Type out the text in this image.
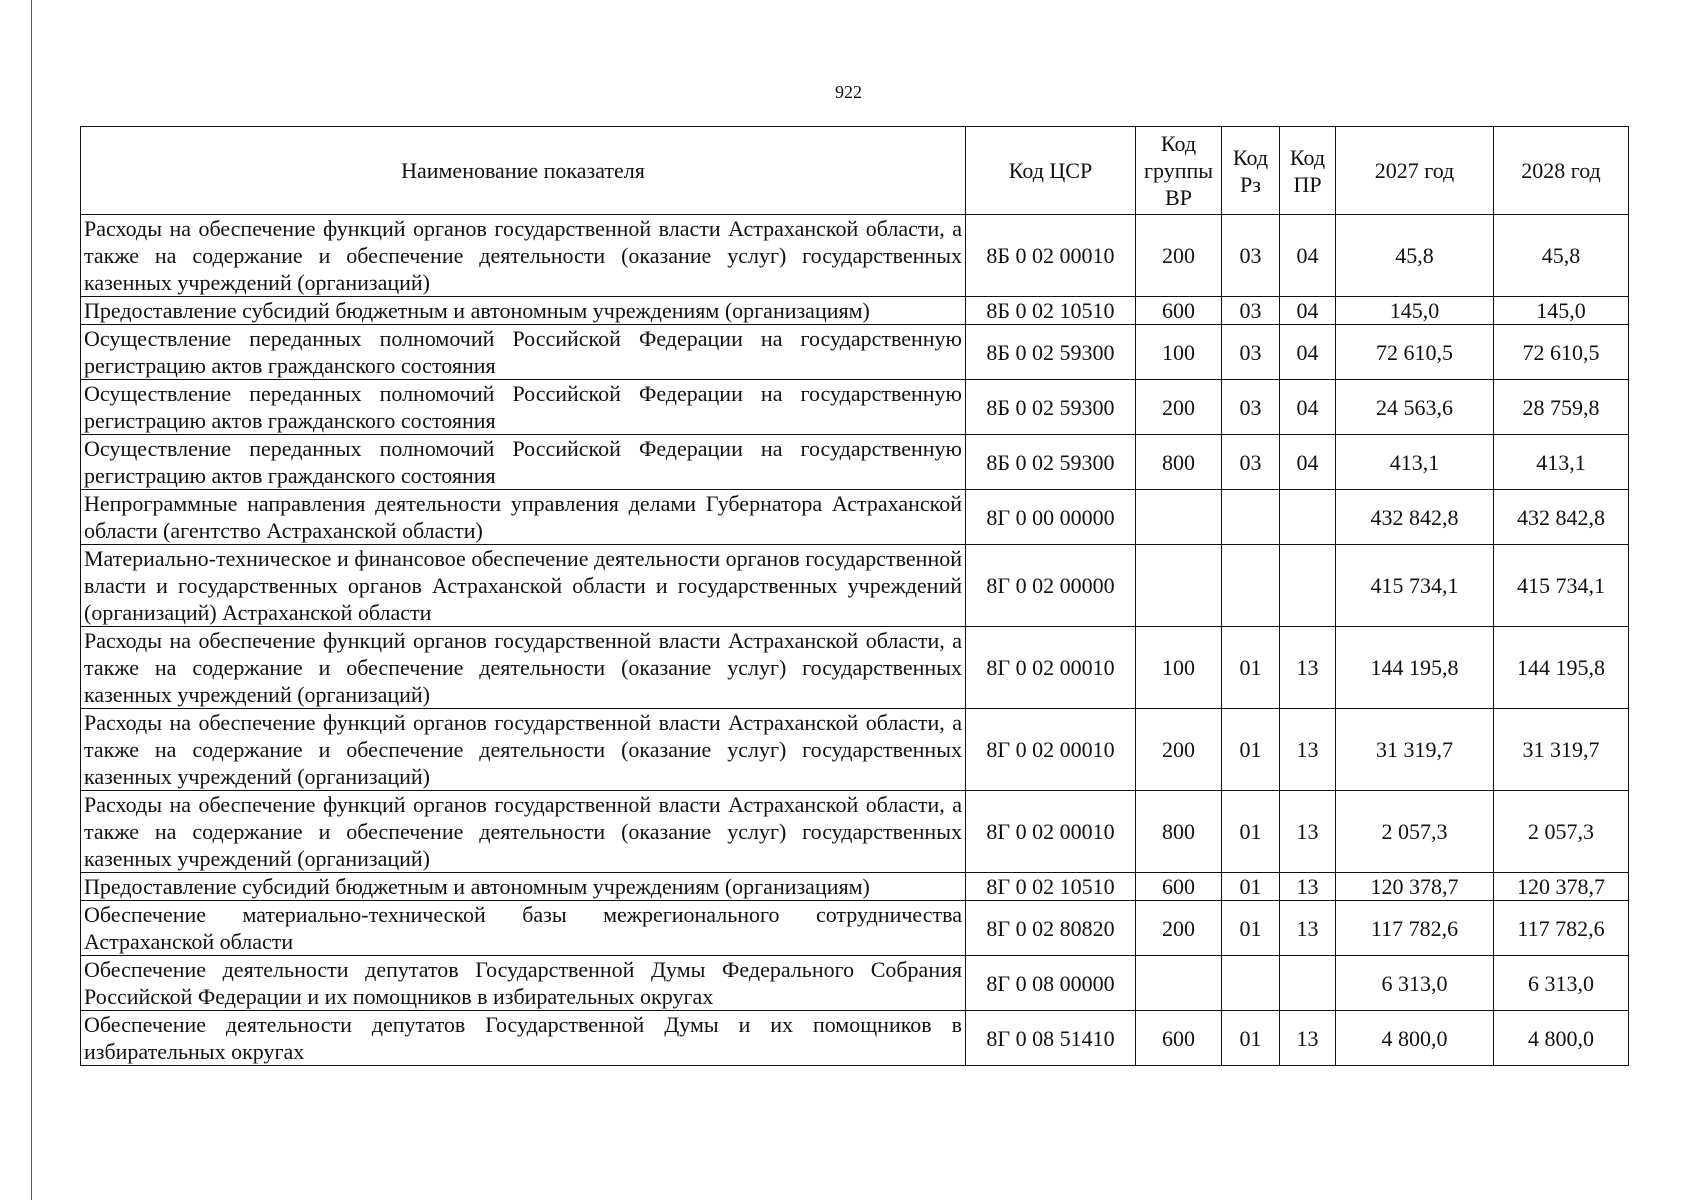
922
Наименование показателя	Код ЦСР	Код группы ВР	Код Рз	Код ПР	2027 год	2028 год
Расходы на обеспечение функций органов государственной власти Астраханской области, а также на содержание и обеспечение деятельности (оказание услуг) государственных казенных учреждений (организаций)	8Б 0 02 00010	200	03	04	45,8	45,8
Предоставление субсидий бюджетным и автономным учреждениям (организациям)	8Б 0 02 10510	600	03	04	145,0	145,0
Осуществление переданных полномочий Российской Федерации на государственную регистрацию актов гражданского состояния	8Б 0 02 59300	100	03	04	72 610,5	72 610,5
Осуществление переданных полномочий Российской Федерации на государственную регистрацию актов гражданского состояния	8Б 0 02 59300	200	03	04	24 563,6	28 759,8
Осуществление переданных полномочий Российской Федерации на государственную регистрацию актов гражданского состояния	8Б 0 02 59300	800	03	04	413,1	413,1
Непрограммные направления деятельности управления делами Губернатора Астраханской области (агентство Астраханской области)	8Г 0 00 00000				432 842,8	432 842,8
Материально-техническое и финансовое обеспечение деятельности органов государственной власти и государственных органов Астраханской области и государственных учреждений (организаций) Астраханской области	8Г 0 02 00000				415 734,1	415 734,1
Расходы на обеспечение функций органов государственной власти Астраханской области, а также на содержание и обеспечение деятельности (оказание услуг) государственных казенных учреждений (организаций)	8Г 0 02 00010	100	01	13	144 195,8	144 195,8
Расходы на обеспечение функций органов государственной власти Астраханской области, а также на содержание и обеспечение деятельности (оказание услуг) государственных казенных учреждений (организаций)	8Г 0 02 00010	200	01	13	31 319,7	31 319,7
Расходы на обеспечение функций органов государственной власти Астраханской области, а также на содержание и обеспечение деятельности (оказание услуг) государственных казенных учреждений (организаций)	8Г 0 02 00010	800	01	13	2 057,3	2 057,3
Предоставление субсидий бюджетным и автономным учреждениям (организациям)	8Г 0 02 10510	600	01	13	120 378,7	120 378,7
Обеспечение материально-технической базы межрегионального сотрудничества Астраханской области	8Г 0 02 80820	200	01	13	117 782,6	117 782,6
Обеспечение деятельности депутатов Государственной Думы Федерального Собрания Российской Федерации и их помощников в избирательных округах	8Г 0 08 00000				6 313,0	6 313,0
Обеспечение деятельности депутатов Государственной Думы и их помощников в избирательных округах	8Г 0 08 51410	600	01	13	4 800,0	4 800,0
